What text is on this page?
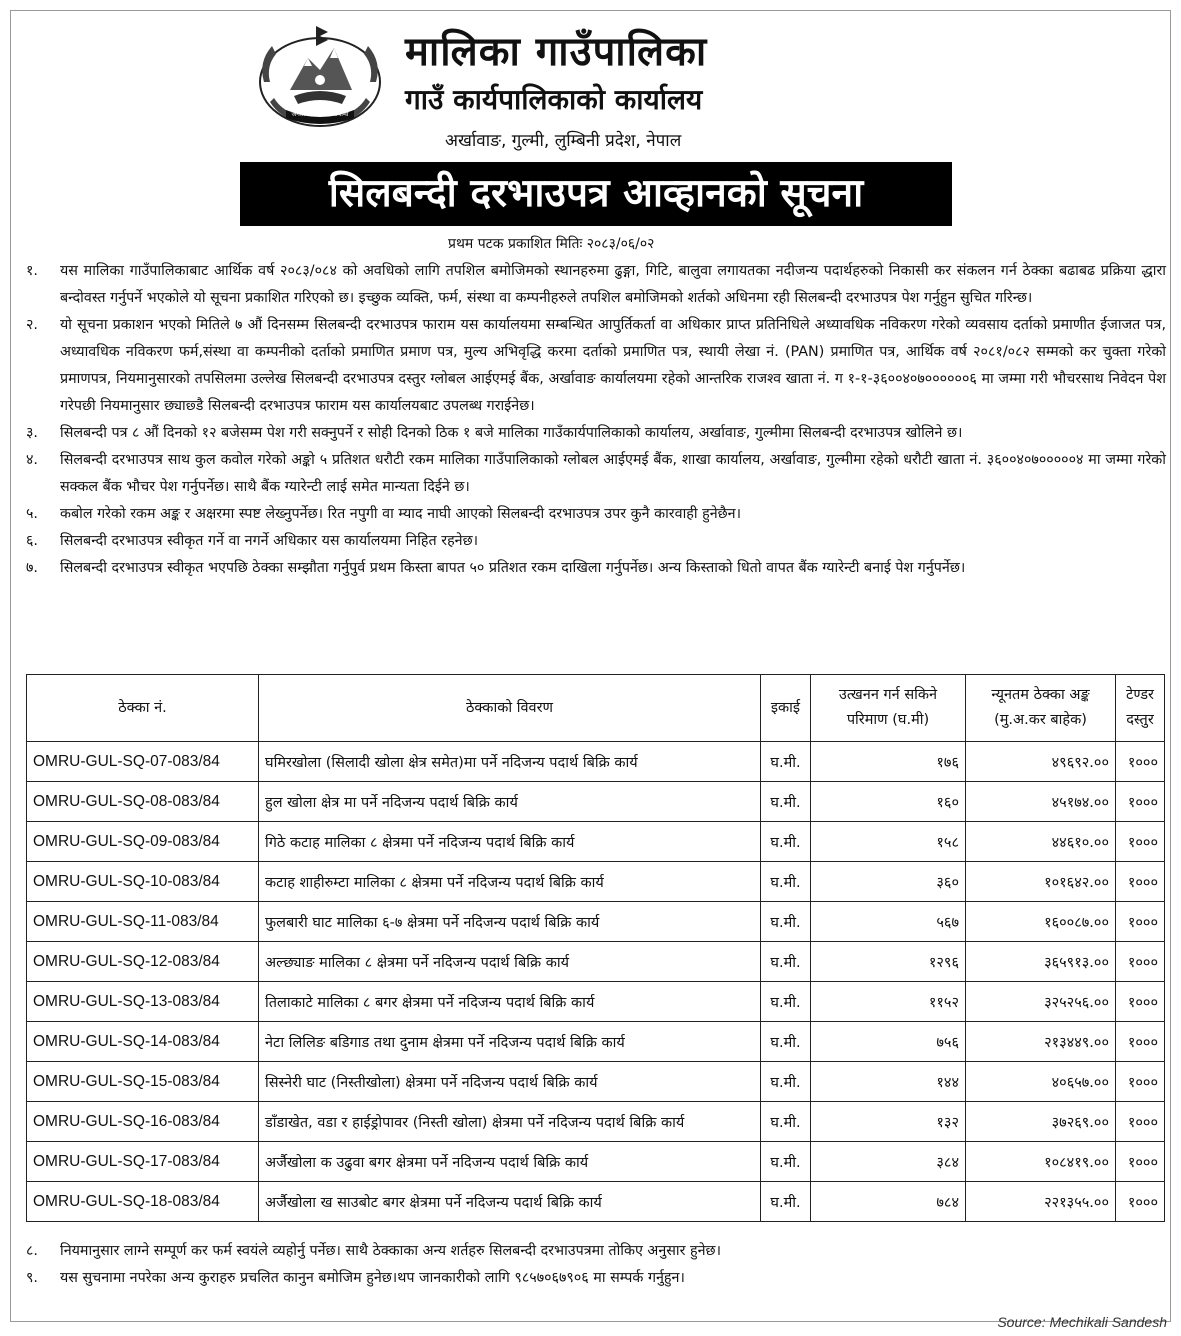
जनता जनार्दनको सेवामा
मालिका गाउँपालिका
गाउँ कार्यपालिकाको कार्यालय
अर्खावाङ, गुल्मी, लुम्बिनी प्रदेश, नेपाल
सिलबन्दी दरभाउपत्र आव्हानको सूचना
प्रथम पटक प्रकाशित मितिः २०८३/०६/०२
१.	यस मालिका गाउँपालिकाबाट आर्थिक वर्ष २०८३/०८४ को अवधिको लागि तपशिल बमोजिमको स्थानहरुमा ढुङ्गा, गिटि, बालुवा लगायतका नदीजन्य पदार्थहरुको निकासी कर संकलन गर्न ठेक्का बढाबढ प्रक्रिया द्धारा बन्दोवस्त गर्नुपर्ने भएकोले यो सूचना प्रकाशित गरिएको छ। इच्छुक व्यक्ति, फर्म, संस्था वा कम्पनीहरुले तपशिल बमोजिमको शर्तको अधिनमा रही सिलबन्दी दरभाउपत्र पेश गर्नुहुन सुचित गरिन्छ।
२.	यो सूचना प्रकाशन भएको मितिले ७ औं दिनसम्म सिलबन्दी दरभाउपत्र फाराम यस कार्यालयमा सम्बन्धित आपुर्तिकर्ता वा अधिकार प्राप्त प्रतिनिधिले अध्यावधिक नविकरण गरेको व्यवसाय दर्ताको प्रमाणीत ईजाजत पत्र, अध्यावधिक नविकरण फर्म,संस्था वा कम्पनीको दर्ताको प्रमाणित प्रमाण पत्र, मुल्य अभिवृद्धि करमा दर्ताको प्रमाणित पत्र, स्थायी लेखा नं. (PAN) प्रमाणित पत्र, आर्थिक वर्ष २०८१/०८२ सम्मको कर चुक्ता गरेको प्रमाणपत्र, नियमानुसारको तपसिलमा उल्लेख सिलबन्दी दरभाउपत्र दस्तुर ग्लोबल आईएमई बैंक, अर्खावाङ कार्यालयमा रहेको आन्तरिक राजश्व खाता नं. ग १-१-३६००४०७००००००६ मा जम्मा गरी भौचरसाथ निवेदन पेश गरेपछी नियमानुसार छ्याछ्डै सिलबन्दी दरभाउपत्र फाराम यस कार्यालयबाट उपलब्ध गराईनेछ।
३.	सिलबन्दी पत्र ८ औं दिनको १२ बजेसम्म पेश गरी सक्नुपर्ने र सोही दिनको ठिक १ बजे मालिका गाउँकार्यपालिकाको कार्यालय, अर्खावाङ, गुल्मीमा सिलबन्दी दरभाउपत्र खोलिने छ।
४.	सिलबन्दी दरभाउपत्र साथ कुल कवोल गरेको अङ्को ५ प्रतिशत धरौटी रकम मालिका गाउँपालिकाको ग्लोबल आईएमई बैंक, शाखा कार्यालय, अर्खावाङ, गुल्मीमा रहेको धरौटी खाता नं. ३६००४०७०००००४ मा जम्मा गरेको सक्कल बैंक भौचर पेश गर्नुपर्नेछ। साथै बैंक ग्यारेन्टी लाई समेत मान्यता दिईने छ।
५.	कबोल गरेको रकम अङ्क र अक्षरमा स्पष्ट लेख्नुपर्नेछ। रित नपुगी वा म्याद नाघी आएको सिलबन्दी दरभाउपत्र उपर कुनै कारवाही हुनेछैन।
६.	सिलबन्दी दरभाउपत्र स्वीकृत गर्ने वा नगर्ने अधिकार यस कार्यालयमा निहित रहनेछ।
७.	सिलबन्दी दरभाउपत्र स्वीकृत भएपछि ठेक्का सम्झौता गर्नुपुर्व प्रथम किस्ता बापत ५० प्रतिशत रकम दाखिला गर्नुपर्नेछ। अन्य किस्ताको धितो वापत बैंक ग्यारेन्टी बनाई पेश गर्नुपर्नेछ।
ठेक्का नं.	ठेक्काको विवरण	इकाई	उत्खनन गर्न सकिने परिमाण (घ.मी)	न्यूनतम ठेक्का अङ्क (मु.अ.कर बाहेक)	टेण्डर दस्तुर
OMRU-GUL-SQ-07-083/84	घमिरखोला (सिलादी खोला क्षेत्र समेत)मा पर्ने नदिजन्य पदार्थ बिक्रि कार्य	घ.मी.	१७६	४९६९२.००	१०००
OMRU-GUL-SQ-08-083/84	हुल खोला क्षेत्र मा पर्ने नदिजन्य पदार्थ बिक्रि कार्य	घ.मी.	१६०	४५१७४.००	१०००
OMRU-GUL-SQ-09-083/84	गिठे कटाह मालिका ८ क्षेत्रमा पर्ने नदिजन्य पदार्थ बिक्रि कार्य	घ.मी.	१५८	४४६१०.००	१०००
OMRU-GUL-SQ-10-083/84	कटाह शाहीरुम्टा मालिका ८ क्षेत्रमा पर्ने नदिजन्य पदार्थ बिक्रि कार्य	घ.मी.	३६०	१०१६४२.००	१०००
OMRU-GUL-SQ-11-083/84	फुलबारी घाट मालिका ६-७ क्षेत्रमा पर्ने नदिजन्य पदार्थ बिक्रि कार्य	घ.मी.	५६७	१६००८७.००	१०००
OMRU-GUL-SQ-12-083/84	अल्छ्याङ मालिका ८ क्षेत्रमा पर्ने नदिजन्य पदार्थ बिक्रि कार्य	घ.मी.	१२९६	३६५९१३.००	१०००
OMRU-GUL-SQ-13-083/84	तिलाकाटे मालिका ८ बगर क्षेत्रमा पर्ने नदिजन्य पदार्थ बिक्रि कार्य	घ.मी.	११५२	३२५२५६.००	१०००
OMRU-GUL-SQ-14-083/84	नेटा लिलिङ बडिगाड तथा दुनाम क्षेत्रमा पर्ने नदिजन्य पदार्थ बिक्रि कार्य	घ.मी.	७५६	२१३४४९.००	१०००
OMRU-GUL-SQ-15-083/84	सिस्नेरी घाट (निस्तीखोला) क्षेत्रमा पर्ने नदिजन्य पदार्थ बिक्रि कार्य	घ.मी.	१४४	४०६५७.००	१०००
OMRU-GUL-SQ-16-083/84	डाँडाखेत, वडा र हाईड्रोपावर (निस्ती खोला) क्षेत्रमा पर्ने नदिजन्य पदार्थ बिक्रि कार्य	घ.मी.	१३२	३७२६९.००	१०००
OMRU-GUL-SQ-17-083/84	अर्जैखोला क उढुवा बगर क्षेत्रमा पर्ने नदिजन्य पदार्थ बिक्रि कार्य	घ.मी.	३८४	१०८४१९.००	१०००
OMRU-GUL-SQ-18-083/84	अर्जैखोला ख साउबोट बगर क्षेत्रमा पर्ने नदिजन्य पदार्थ बिक्रि कार्य	घ.मी.	७८४	२२१३५५.००	१०००
८.	नियमानुसार लाग्ने सम्पूर्ण कर फर्म स्वयंले व्यहोर्नु पर्नेछ। साथै ठेक्काका अन्य शर्तहरु सिलबन्दी दरभाउपत्रमा तोकिए अनुसार हुनेछ।
९.	यस सुचनामा नपरेका अन्य कुराहरु प्रचलित कानुन बमोजिम हुनेछ।थप जानकारीको लागि ९८५७०६७९०६ मा सम्पर्क गर्नुहुन।
Source: Mechikali Sandesh
